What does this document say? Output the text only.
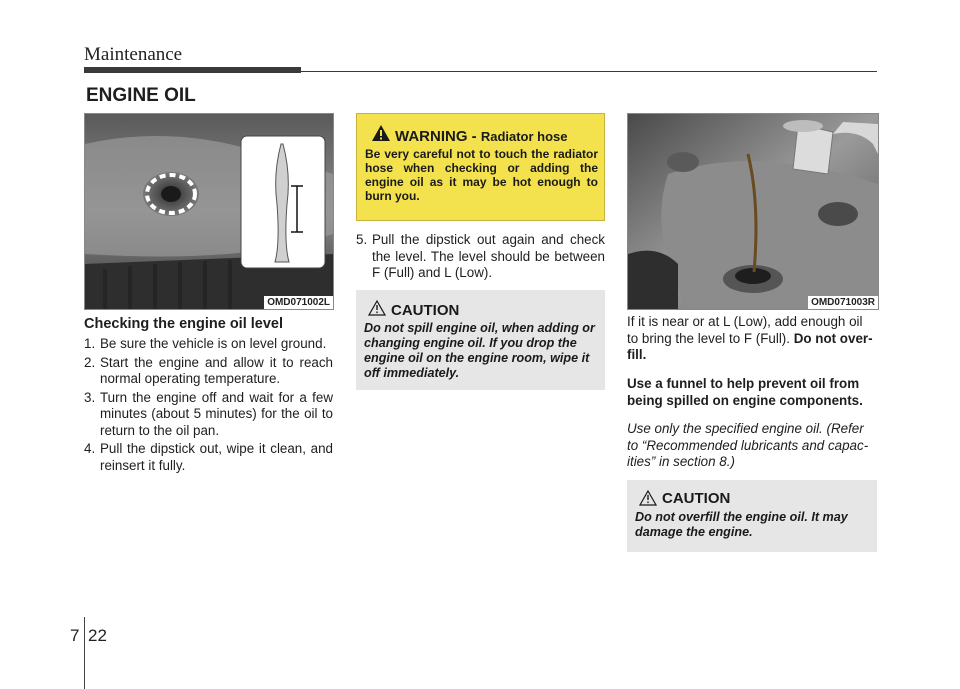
Maintenance
ENGINE OIL
OMD071002L
Checking the engine oil level
1. Be sure the vehicle is on level ground.
2. Start the engine and allow it to reach normal operating temperature.
3. Turn the engine off and wait for a few minutes (about 5 minutes) for the oil to return to the oil pan.
4. Pull the dipstick out, wipe it clean, and reinsert it fully.
WARNING - Radiator hose
Be very careful not to touch the radiator hose when checking or adding the engine oil as it may be hot enough to burn you.
5. Pull the dipstick out again and check the level. The level should be between F (Full) and L (Low).
CAUTION
Do not spill engine oil, when adding or changing engine oil. If you drop the engine oil on the engine room, wipe it off immediately.
OMD071003R
If it is near or at L (Low), add enough oil to bring the level to F (Full). Do not over-fill.
Use a funnel to help prevent oil from being spilled on engine components.
Use only the specified engine oil. (Refer to “Recommended lubricants and capac-ities” in section 8.)
CAUTION
Do not overfill the engine oil. It may damage the engine.
7 22
